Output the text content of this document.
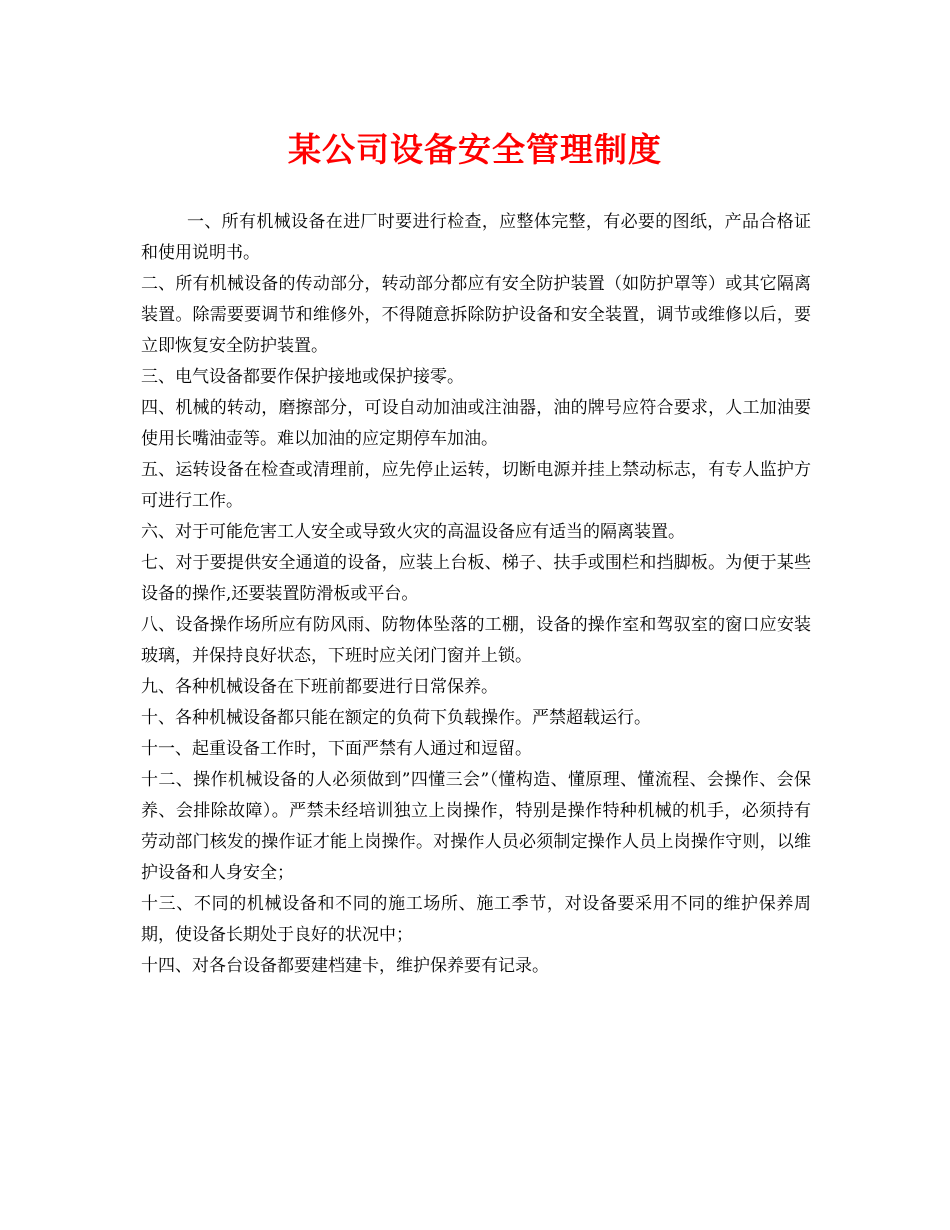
某公司设备安全管理制度

一、所有机械设备在进厂时要进行检查，应整体完整，有必要的图纸，产品合格证和使用说明书。

二、所有机械设备的传动部分，转动部分都应有安全防护装置（如防护罩等）或其它隔离装置。除需要要调节和维修外，不得随意拆除防护设备和安全装置，调节或维修以后，要立即恢复安全防护装置。

三、电气设备都要作保护接地或保护接零。

四、机械的转动，磨擦部分，可设自动加油或注油器，油的牌号应符合要求，人工加油要使用长嘴油壶等。难以加油的应定期停车加油。

五、运转设备在检查或清理前，应先停止运转，切断电源并挂上禁动标志，有专人监护方可进行工作。

六、对于可能危害工人安全或导致火灾的高温设备应有适当的隔离装置。

七、对于要提供安全通道的设备，应装上台板、梯子、扶手或围栏和挡脚板。为便于某些设备的操作,还要装置防滑板或平台。

八、设备操作场所应有防风雨、防物体坠落的工棚，设备的操作室和驾驭室的窗口应安装玻璃，并保持良好状态，下班时应关闭门窗并上锁。

九、各种机械设备在下班前都要进行日常保养。

十、各种机械设备都只能在额定的负荷下负载操作。严禁超载运行。

十一、起重设备工作时，下面严禁有人通过和逗留。

十二、操作机械设备的人必须做到”四懂三会”（懂构造、懂原理、懂流程、会操作、会保养、会排除故障）。严禁未经培训独立上岗操作，特别是操作特种机械的机手，必须持有劳动部门核发的操作证才能上岗操作。对操作人员必须制定操作人员上岗操作守则，以维护设备和人身安全；

十三、不同的机械设备和不同的施工场所、施工季节，对设备要采用不同的维护保养周期，使设备长期处于良好的状况中；

十四、对各台设备都要建档建卡，维护保养要有记录。
